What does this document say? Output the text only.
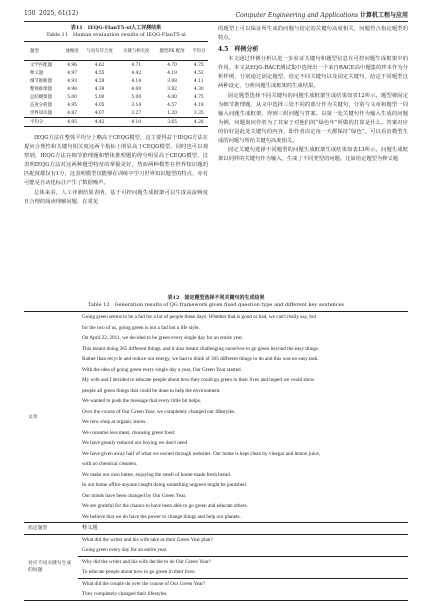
150 2025, 61(12)	Computer Engineering and Applications 计算机工程与应用
表11　IEQG-FlanT5-xl人工评测结果
Table 11　Human evaluation results of IEQG-FlanT5-xl
题型	流畅度	与问句符合度	关键与相关度	题型PK 配度	平均分
文学匹配题	4.96	4.62	4.71	4.70	4.75
释义题	4.97	4.55	4.42	4.19	4.53
细节推断题	4.93	4.28	4.14	3.08	4.11
整体推理题	4.98	4.39	4.00	3.82	4.30
总结概要题	5.00	5.00	5.00	4.00	4.75
态度分析题	4.95	4.05	3.14	4.57	4.18
世界知识题	4.87	4.07	3.27	1.20	3.35
平均分	4.95	4.42	4.10	3.65	4.28

IEQG方法在整体平均分上略高于CEQG模型，这主要得益于IEQG方法在提问合理性和关键句相关度这两个指标上明显高于CEQG模型。同时也可以观察到，IEQG方法在细节推理题和整体推理题的得分明显高于CEQG模型，这表明IEQG方法对这两种题型特征的掌握更好。然而两种模型在世界知识题的匹配度都仅有1分，这表明模型仅能够在训练中学习世界知识题型的特点，亦有可能是自动化标注产生了数据噪声。

总体来看，人工评测结果表明，基于可控问题生成框架可以生成高流畅度且合理的阅读理解问题，在常见

的题型上可以保证所生成的问题与给定的关键句高度相关，问题符合指定题型的特点。

4.5　样例分析

本文通过样例分析以进一步验证关键句和题型信息在可控问题生成框架中的作用。本文从EQG-RACE测试集中选择出一个来自RACE高中题集的样本作为分析样例，分别通过固定题型、给定不同关键句以及固定关键句、给定不同题型这两种设定，分析问题生成框架的生成结果。

固定题型选择不同关键句的问题生成框架生成结果如表12所示。题型被固定为细节推理题，从文中选择三处不同的部分作为关键句，分别与文章和题型一同输入问题生成框架，得到三组问题与答案。以第一处关键句作为输入生成的问题为例，问题询问作者为了其家子对他们的“绿色年”所做的打算是什么。答案对应的恰好是此处关键句的内容，即作者决定每一天都保持“绿色”。可以看出模型生成的问题与所给关键句高度相关。

固定关键句选择不同题型的问题生成框架生成结果如表13所示。问题生成框架以同样的关键句作为输入，生成了不同类型的问题。比如给定题型为释义题

表12　固定题型选择不同关键句的生成结果
Table 12　Generation results of QG framework given fixed question type and different key sentences
文章	Going green seems to be a fad for a lot of people these days. Whether that is good or bad, we can't really say, but
	for the two of us, going green is not a fad but a life style.
	On April 22, 2011, we decided to be green every single day for an entire year.
	This meant doing 365 different things, and it also meant challenging ourselves to go green beyond the easy things.
	Rather than recycle and reduce our energy, we had to think of 365 different things to do and this was no easy task.
	With the idea of going green every single day a year, Our Green Year started.
	My wife and I decided to educate people about how they could go green in their lives and hoped we could show
	people all green things that could be done to help the environment.
	We wanted to push the message that every little bit helps.
	Over the course of Our Green Year, we completely changed our lifestyles.
	We now shop at organic stores.
	We consume less meat, choosing green food.
	We have greatly reduced our buying we don't need
	We have given away half of what we owned through websites. Our home is kept clean by vinegar and lemon juice,
	with no chemical cleaners.
	We make our own butter, enjoying the smell of home-made fresh bread.
	In our home office anyone caught doing something ungreen might be punished.
	Our minds have been changed by Our Green Year.
	We are grateful for the chance to have been able to go green and educate others.
	We believe that we do have the power to change things and help our planets.
指定题型	释义题
对应不同关键句生成的问题	What did the writer and his wife take as their Green Year plan?
	Going green every day for an entire year.
	Why did the writer and his wife decide to do Our Green Year?
	To educate people about how to go green in their lives.
	What did the couple do over the course of Our Green Year?
	They completely changed their lifestyles.
